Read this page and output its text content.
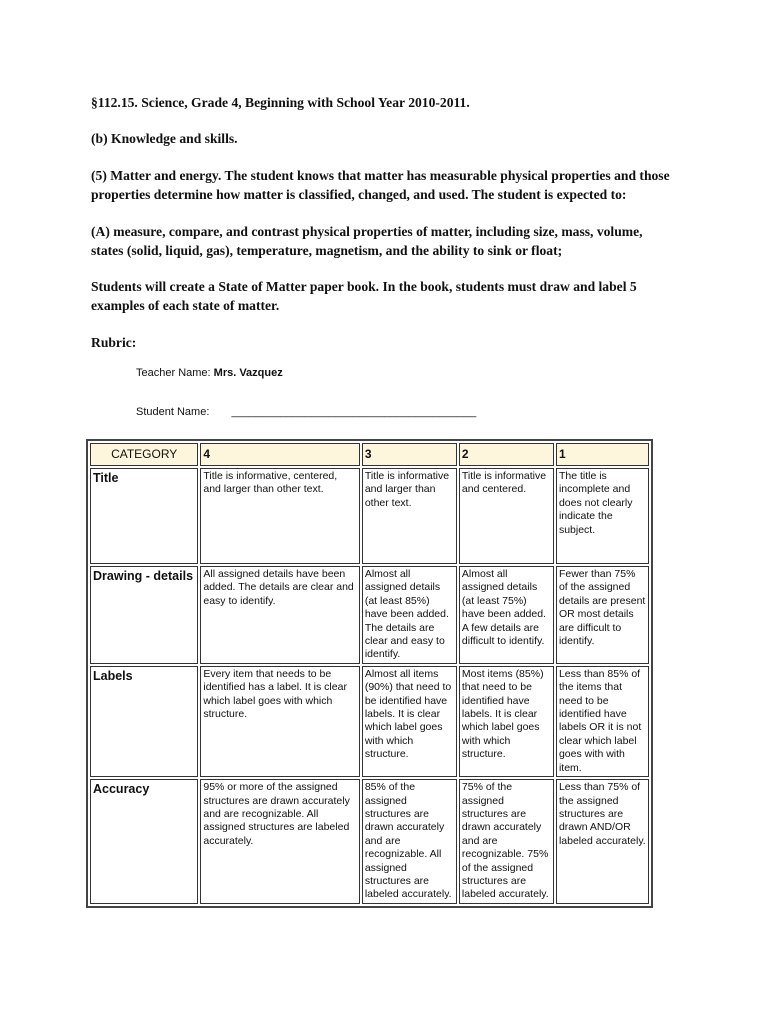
§112.15. Science, Grade 4, Beginning with School Year 2010-2011.

(b) Knowledge and skills.

(5) Matter and energy. The student knows that matter has measurable physical properties and those properties determine how matter is classified, changed, and used. The student is expected to:

(A) measure, compare, and contrast physical properties of matter, including size, mass, volume, states (solid, liquid, gas), temperature, magnetism, and the ability to sink or float;

Students will create a State of Matter paper book. In the book, students must draw and label 5 examples of each state of matter.

Rubric:

Teacher Name: Mrs. Vazquez
Student Name: ________________________________________
CATEGORY	4	3	2	1
Title	Title is informative, centered, and larger than other text.	Title is informative and larger than other text.	Title is informative and centered.	The title is incomplete and does not clearly indicate the subject.
Drawing - details	All assigned details have been added. The details are clear and easy to identify.	Almost all assigned details (at least 85%) have been added. The details are clear and easy to identify.	Almost all assigned details (at least 75%) have been added. A few details are difficult to identify.	Fewer than 75% of the assigned details are present OR most details are difficult to identify.
Labels	Every item that needs to be identified has a label. It is clear which label goes with which structure.	Almost all items (90%) that need to be identified have labels. It is clear which label goes with which structure.	Most items (85%) that need to be identified have labels. It is clear which label goes with which structure.	Less than 85% of the items that need to be identified have labels OR it is not clear which label goes with with item.
Accuracy	95% or more of the assigned structures are drawn accurately and are recognizable. All assigned structures are labeled accurately.	85% of the assigned structures are drawn accurately and are recognizable. All assigned structures are labeled accurately.	75% of the assigned structures are drawn accurately and are recognizable. 75% of the assigned structures are labeled accurately.	Less than 75% of the assigned structures are drawn AND/OR labeled accurately.
